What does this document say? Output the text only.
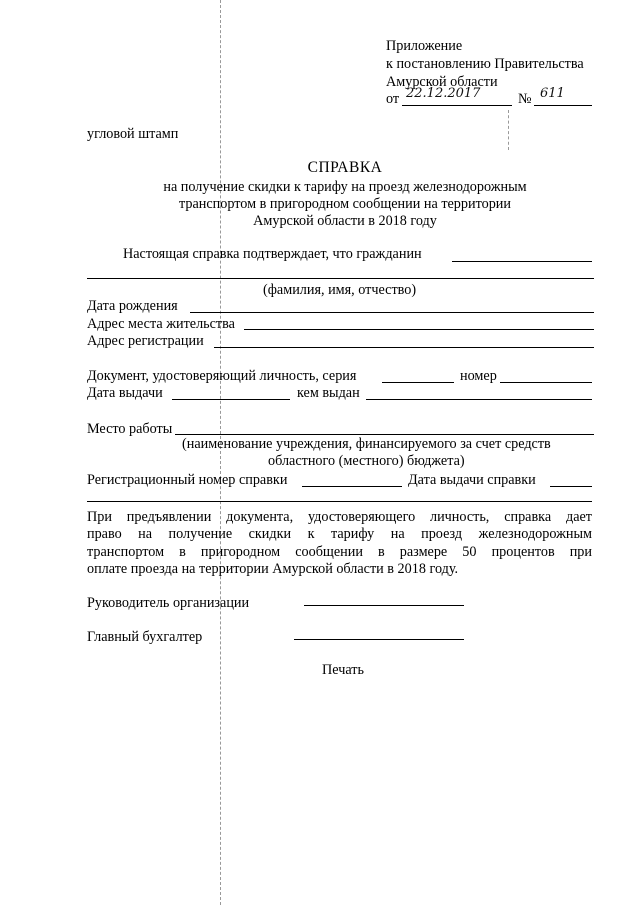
Приложение
к постановлению Правительства
Амурской области
от 22.12.2017	№ 611
угловой штамп
СПРАВКА
на получение скидки к тарифу на проезд железнодорожным
транспортом в пригородном сообщении на территории
Амурской области в 2018 году
Настоящая справка подтверждает, что гражданин
(фамилия, имя, отчество)
Дата рождения
Адрес места жительства
Адрес регистрации
Документ, удостоверяющий личность, серия	номер
Дата выдачи	кем выдан
Место работы
(наименование учреждения, финансируемого за счет средств
областного (местного) бюджета)
Регистрационный номер справки	Дата выдачи справки
При предъявлении документа, удостоверяющего личность, справка дает
право на получение скидки к тарифу на проезд железнодорожным
транспортом в пригородном сообщении в размере 50 процентов при
оплате проезда на территории Амурской области в 2018 году.
Руководитель организации
Главный бухгалтер
Печать
